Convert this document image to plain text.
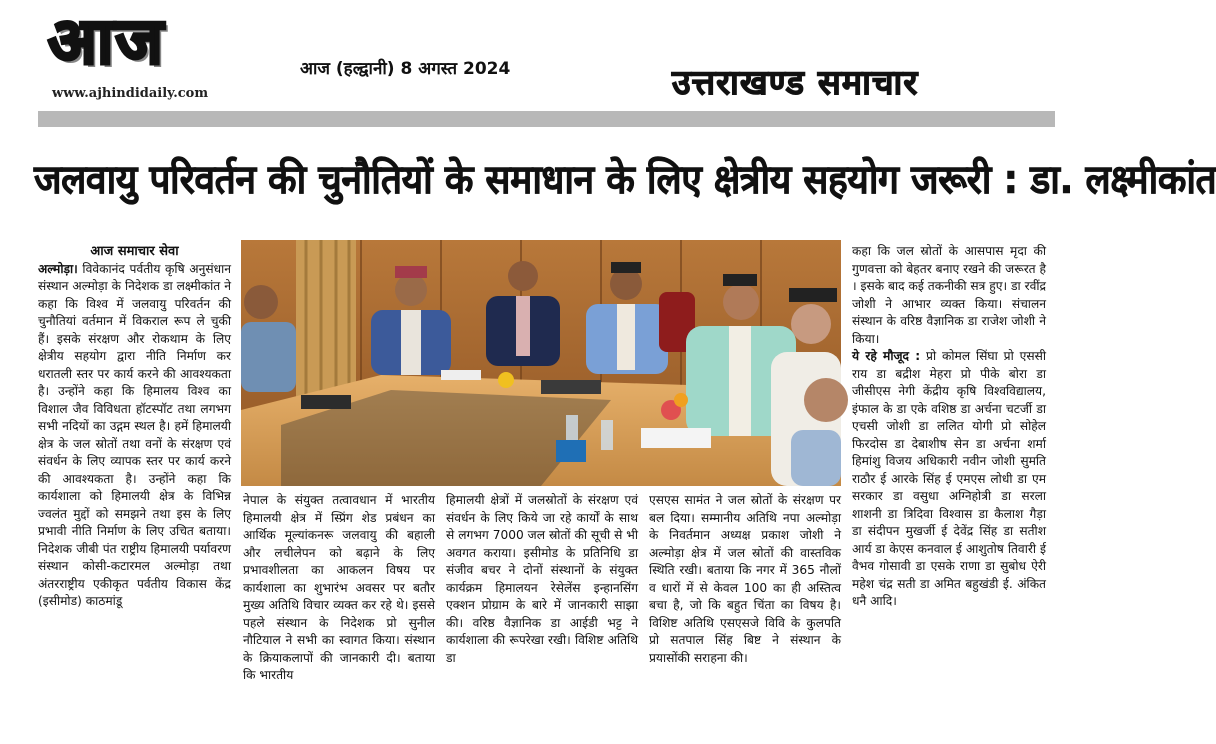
आज
www.ajhindidaily.com
आज (हल्द्वानी) 8 अगस्त 2024	उत्तराखण्ड समाचार
जलवायु परिवर्तन की चुनौतियों के समाधान के लिए क्षेत्रीय सहयोग जरूरी : डा. लक्ष्मीकांत

आज समाचार सेवा

अल्मोड़ा। विवेकानंद पर्वतीय कृषि अनुसंधान संस्थान अल्मोड़ा के निदेशक डा लक्ष्मीकांत ने कहा कि विश्व में जलवायु परिवर्तन की चुनौतियां वर्तमान में विकराल रूप ले चुकी हैं। इसके संरक्षण और रोकथाम के लिए क्षेत्रीय सहयोग द्वारा नीति निर्माण कर धरातली स्तर पर कार्य करने की आवश्यकता है। उन्होंने कहा कि हिमालय विश्व का विशाल जैव विविधता हॉटस्पॉट तथा लगभग सभी नदियों का उद्गम स्थल है। हमें हिमालयी क्षेत्र के जल स्रोतों तथा वनों के संरक्षण एवं संवर्धन के लिए व्यापक स्तर पर कार्य करने की आवश्यकता है। उन्होंने कहा कि कार्यशाला को हिमालयी क्षेत्र के विभिन्न ज्वलंत मुद्दों को समझने तथा इस के लिए प्रभावी नीति निर्माण के लिए उचित बताया। निदेशक जीबी पंत राष्ट्रीय हिमालयी पर्यावरण संस्थान कोसी-कटारमल अल्मोड़ा तथा अंतरराष्ट्रीय एकीकृत पर्वतीय विकास केंद्र (इसीमोड) काठमांडू

नेपाल के संयुक्त तत्वावधान में भारतीय हिमालयी क्षेत्र में स्प्रिंग शेड प्रबंधन का आर्थिक मूल्यांकनरू जलवायु की बहाली और लचीलेपन को बढ़ाने के लिए प्रभावशीलता का आकलन विषय पर कार्यशाला का शुभारंभ अवसर पर बतौर मुख्य अतिथि विचार व्यक्त कर रहे थे। इससे पहले संस्थान के निदेशक प्रो सुनील नौटियाल ने सभी का स्वागत किया। संस्थान के क्रियाकलापों की जानकारी दी। बताया कि भारतीय

हिमालयी क्षेत्रों में जलस्रोतों के संरक्षण एवं संवर्धन के लिए किये जा रहे कार्यों के साथ से लगभग 7000 जल स्रोतों की सूची से भी अवगत कराया। इसीमोड के प्रतिनिधि डा संजीव बचर ने दोनों संस्थानों के संयुक्त कार्यक्रम हिमालयन रेसेलेंस इन्हानसिंग एक्शन प्रोग्राम के बारे में जानकारी साझा की। वरिष्ठ वैज्ञानिक डा आईडी भट्ट ने कार्यशाला की रूपरेखा रखी। विशिष्ट अतिथि डा

एसएस सामंत ने जल स्रोतों के संरक्षण पर बल दिया। सम्मानीय अतिथि नपा अल्मोड़ा के निवर्तमान अध्यक्ष प्रकाश जोशी ने अल्मोड़ा क्षेत्र में जल स्रोतों की वास्तविक स्थिति रखी। बताया कि नगर में 365 नौलों व धारों में से केवल 100 का ही अस्तित्व बचा है, जो कि बहुत चिंता का विषय है। विशिष्ट अतिथि एसएसजे विवि के कुलपति प्रो सतपाल सिंह बिष्ट ने संस्थान के प्रयासोंकी सराहना की।

कहा कि जल स्रोतों के आसपास मृदा की गुणवत्ता को बेहतर बनाए रखने की जरूरत है । इसके बाद कई तकनीकी सत्र हुए। डा रवींद्र जोशी ने आभार व्यक्त किया। संचालन संस्थान के वरिष्ठ वैज्ञानिक डा राजेश जोशी ने किया।

ये रहे मौजूद : प्रो कोमल सिंघा प्रो एससी राय डा बद्रीश मेहरा प्रो पीके बोरा डा जीसीएस नेगी केंद्रीय कृषि विश्वविद्यालय, इंफाल के डा एके वशिष्ठ डा अर्चना चटर्जी डा एचसी जोशी डा ललित योगी प्रो सोहेल फिरदोस डा देबाशीष सेन डा अर्चना शर्मा हिमांशु विजय अधिकारी नवीन जोशी सुमति राठौर ई आरके सिंह ई एमएस लोधी डा एम सरकार डा वसुधा अग्निहोत्री डा सरला शाशनी डा त्रिदिवा विश्वास डा कैलाश गैड़ा डा संदीपन मुखर्जी ई देवेंद्र सिंह डा सतीश आर्य डा केएस कनवाल ई आशुतोष तिवारी ई वैभव गोसावी डा एसके राणा डा सुबोध ऐरी महेश चंद्र सती डा अमित बहुखंडी ई. अंकित धनै आदि।
